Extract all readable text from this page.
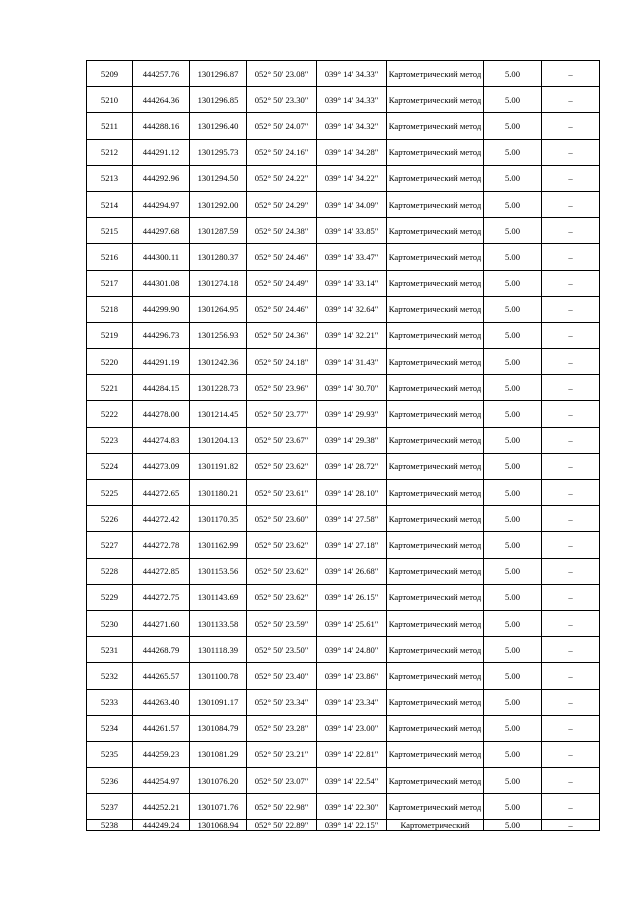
5209	444257.76	1301296.87	052° 50' 23.08"	039° 14' 34.33"	Картометрический метод	5.00	–
5210	444264.36	1301296.85	052° 50' 23.30"	039° 14' 34.33"	Картометрический метод	5.00	–
5211	444288.16	1301296.40	052° 50' 24.07"	039° 14' 34.32"	Картометрический метод	5.00	–
5212	444291.12	1301295.73	052° 50' 24.16"	039° 14' 34.28"	Картометрический метод	5.00	–
5213	444292.96	1301294.50	052° 50' 24.22"	039° 14' 34.22"	Картометрический метод	5.00	–
5214	444294.97	1301292.00	052° 50' 24.29"	039° 14' 34.09"	Картометрический метод	5.00	–
5215	444297.68	1301287.59	052° 50' 24.38"	039° 14' 33.85"	Картометрический метод	5.00	–
5216	444300.11	1301280.37	052° 50' 24.46"	039° 14' 33.47"	Картометрический метод	5.00	–
5217	444301.08	1301274.18	052° 50' 24.49"	039° 14' 33.14"	Картометрический метод	5.00	–
5218	444299.90	1301264.95	052° 50' 24.46"	039° 14' 32.64"	Картометрический метод	5.00	–
5219	444296.73	1301256.93	052° 50' 24.36"	039° 14' 32.21"	Картометрический метод	5.00	–
5220	444291.19	1301242.36	052° 50' 24.18"	039° 14' 31.43"	Картометрический метод	5.00	–
5221	444284.15	1301228.73	052° 50' 23.96"	039° 14' 30.70"	Картометрический метод	5.00	–
5222	444278.00	1301214.45	052° 50' 23.77"	039° 14' 29.93"	Картометрический метод	5.00	–
5223	444274.83	1301204.13	052° 50' 23.67"	039° 14' 29.38"	Картометрический метод	5.00	–
5224	444273.09	1301191.82	052° 50' 23.62"	039° 14' 28.72"	Картометрический метод	5.00	–
5225	444272.65	1301180.21	052° 50' 23.61"	039° 14' 28.10"	Картометрический метод	5.00	–
5226	444272.42	1301170.35	052° 50' 23.60"	039° 14' 27.58"	Картометрический метод	5.00	–
5227	444272.78	1301162.99	052° 50' 23.62"	039° 14' 27.18"	Картометрический метод	5.00	–
5228	444272.85	1301153.56	052° 50' 23.62"	039° 14' 26.68"	Картометрический метод	5.00	–
5229	444272.75	1301143.69	052° 50' 23.62"	039° 14' 26.15"	Картометрический метод	5.00	–
5230	444271.60	1301133.58	052° 50' 23.59"	039° 14' 25.61"	Картометрический метод	5.00	–
5231	444268.79	1301118.39	052° 50' 23.50"	039° 14' 24.80"	Картометрический метод	5.00	–
5232	444265.57	1301100.78	052° 50' 23.40"	039° 14' 23.86"	Картометрический метод	5.00	–
5233	444263.40	1301091.17	052° 50' 23.34"	039° 14' 23.34"	Картометрический метод	5.00	–
5234	444261.57	1301084.79	052° 50' 23.28"	039° 14' 23.00"	Картометрический метод	5.00	–
5235	444259.23	1301081.29	052° 50' 23.21"	039° 14' 22.81"	Картометрический метод	5.00	–
5236	444254.97	1301076.20	052° 50' 23.07"	039° 14' 22.54"	Картометрический метод	5.00	–
5237	444252.21	1301071.76	052° 50' 22.98"	039° 14' 22.30"	Картометрический метод	5.00	–
5238	444249.24	1301068.94	052° 50' 22.89"	039° 14' 22.15"	Картометрический	5.00	–
